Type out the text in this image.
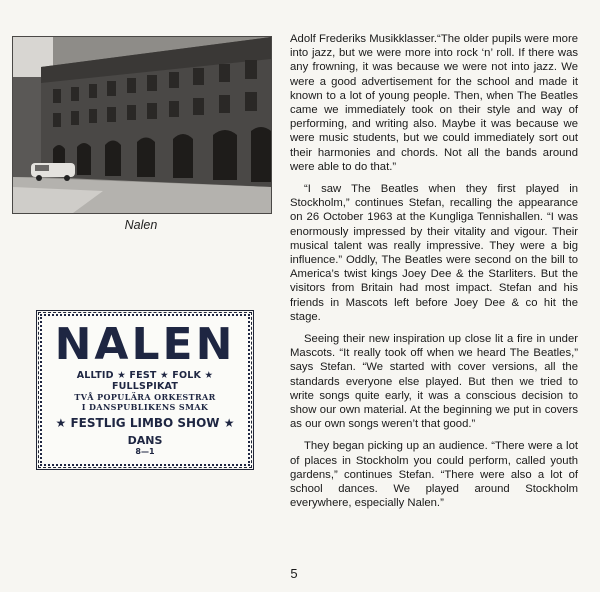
Nalen
NALEN
ALLTID ★ FEST ★ FOLK ★ FULLSPIKAT
TVÅ POPULÄRA ORKESTRAR
I DANSPUBLIKENS SMAK
★ FESTLIG LIMBO SHOW ★
DANS
8—1

Adolf Frederiks Musikklasser.“The older pupils were more into jazz, but we were more into rock ‘n’ roll. If there was any frowning, it was because we were not into jazz. We were a good advertisement for the school and made it known to a lot of young people. Then, when The Beatles came we immediately took on their style and way of performing, and writing also. Maybe it was because we were music students, but we could immediately sort out their harmonies and chords. Not all the bands around were able to do that.”

“I saw The Beatles when they first played in Stockholm,” continues Stefan, recalling the appearance on 26 October 1963 at the Kungliga Tennishallen. “I was enormously impressed by their vitality and vigour. Their musical talent was really impressive. They were a big influence.” Oddly, The Beatles were second on the bill to America’s twist kings Joey Dee & the Starliters. But the visitors from Britain had most impact. Stefan and his friends in Mascots left before Joey Dee & co hit the stage.

Seeing their new inspiration up close lit a fire in under Mascots. “It really took off when we heard The Beatles,” says Stefan. “We started with cover versions, all the standards everyone else played. But then we tried to write songs quite early, it was a conscious decision to show our own material. At the beginning we put in covers as our own songs weren’t that good.”

They began picking up an audience. “There were a lot of places in Stockholm you could perform, called youth gardens,” continues Stefan. “There were also a lot of school dances. We played around Stockholm everywhere, especially Nalen.”

5
